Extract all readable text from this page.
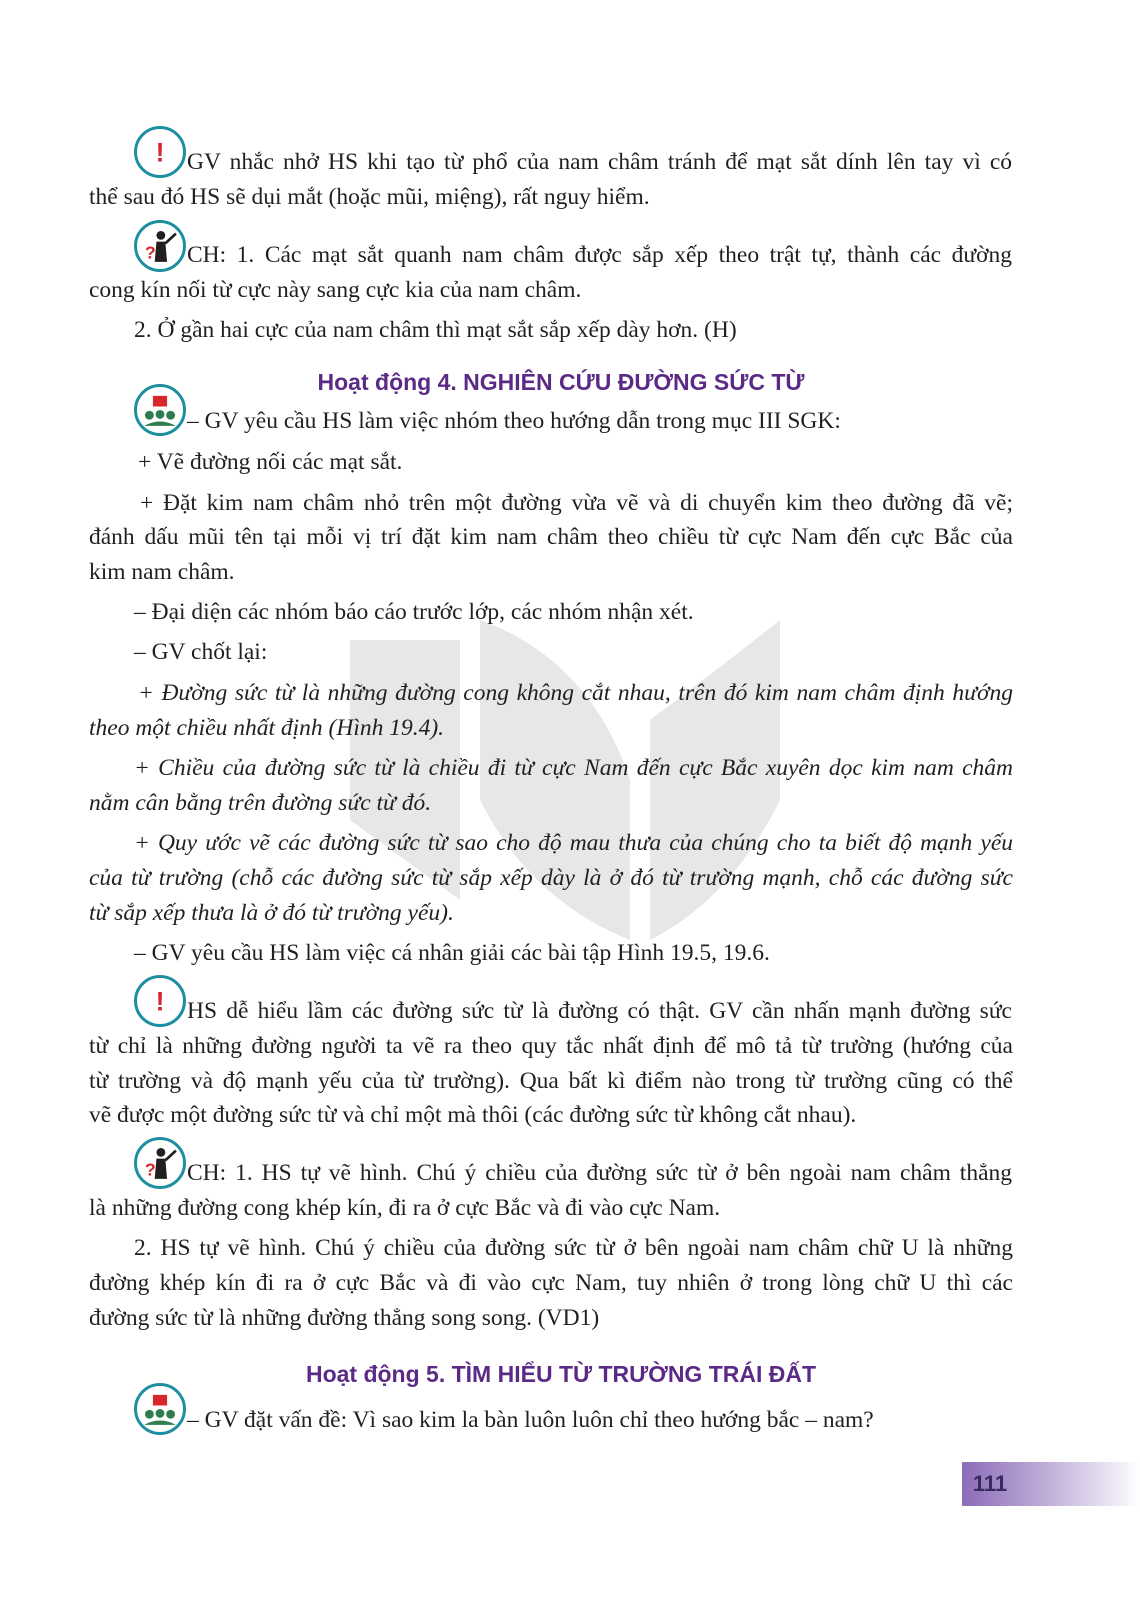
! GV nhắc nhở HS khi tạo từ phổ của nam châm tránh để mạt sắt dính lên tay vì có

thể sau đó HS sẽ dụi mắt (hoặc mũi, miệng), rất nguy hiểm.

? CH: 1. Các mạt sắt quanh nam châm được sắp xếp theo trật tự, thành các đường

cong kín nối từ cực này sang cực kia của nam châm.

2. Ở gần hai cực của nam châm thì mạt sắt sắp xếp dày hơn. (H)

Hoạt động 4. NGHIÊN CỨU ĐƯỜNG SỨC TỪ

– GV yêu cầu HS làm việc nhóm theo hướng dẫn trong mục III SGK:

+ Vẽ đường nối các mạt sắt.

+ Đặt kim nam châm nhỏ trên một đường vừa vẽ và di chuyển kim theo đường đã vẽ;

đánh dấu mũi tên tại mỗi vị trí đặt kim nam châm theo chiều từ cực Nam đến cực Bắc của

kim nam châm.

– Đại diện các nhóm báo cáo trước lớp, các nhóm nhận xét.

– GV chốt lại:

+ Đường sức từ là những đường cong không cắt nhau, trên đó kim nam châm định hướng

theo một chiều nhất định (Hình 19.4).

+ Chiều của đường sức từ là chiều đi từ cực Nam đến cực Bắc xuyên dọc kim nam châm

nằm cân bằng trên đường sức từ đó.

+ Quy ước vẽ các đường sức từ sao cho độ mau thưa của chúng cho ta biết độ mạnh yếu

của từ trường (chỗ các đường sức từ sắp xếp dày là ở đó từ trường mạnh, chỗ các đường sức

từ sắp xếp thưa là ở đó từ trường yếu).

– GV yêu cầu HS làm việc cá nhân giải các bài tập Hình 19.5, 19.6.

! HS dễ hiểu lầm các đường sức từ là đường có thật. GV cần nhấn mạnh đường sức

từ chỉ là những đường người ta vẽ ra theo quy tắc nhất định để mô tả từ trường (hướng của

từ trường và độ mạnh yếu của từ trường). Qua bất kì điểm nào trong từ trường cũng có thể

vẽ được một đường sức từ và chỉ một mà thôi (các đường sức từ không cắt nhau).

? CH: 1. HS tự vẽ hình. Chú ý chiều của đường sức từ ở bên ngoài nam châm thẳng

là những đường cong khép kín, đi ra ở cực Bắc và đi vào cực Nam.

2. HS tự vẽ hình. Chú ý chiều của đường sức từ ở bên ngoài nam châm chữ U là những

đường khép kín đi ra ở cực Bắc và đi vào cực Nam, tuy nhiên ở trong lòng chữ U thì các

đường sức từ là những đường thẳng song song. (VD1)

Hoạt động 5. TÌM HIỂU TỪ TRƯỜNG TRÁI ĐẤT

– GV đặt vấn đề: Vì sao kim la bàn luôn luôn chỉ theo hướng bắc – nam?

111
